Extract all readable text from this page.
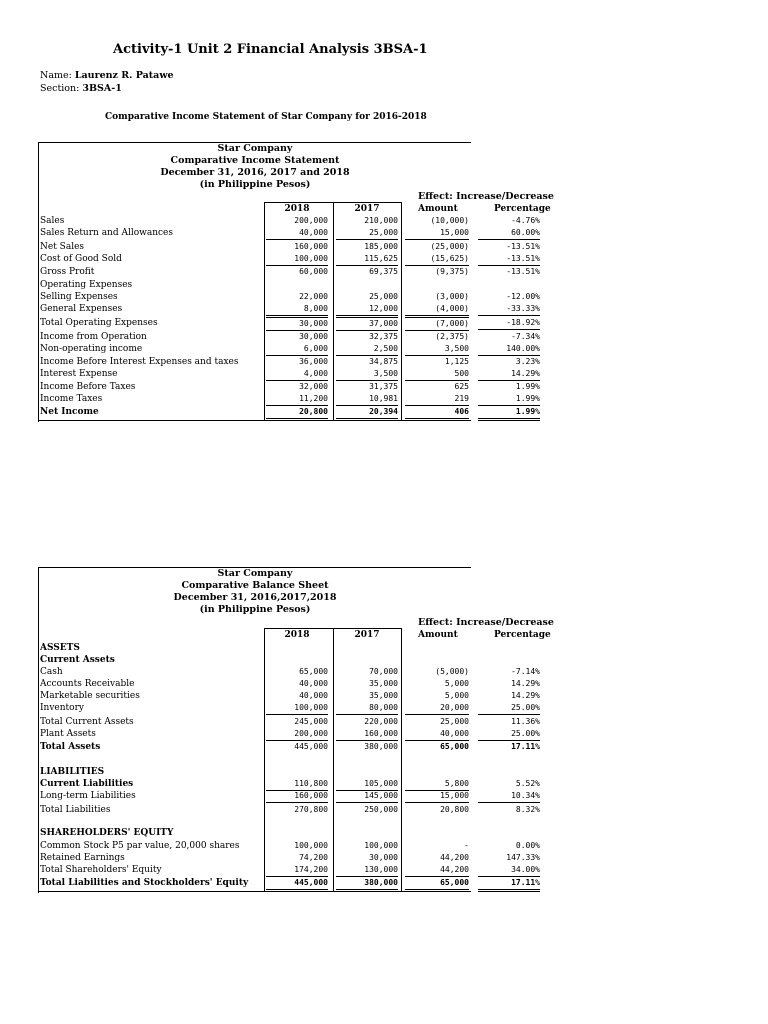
Activity-1 Unit 2 Financial Analysis 3BSA-1
Name: Laurenz R. Patawe
Section: 3BSA-1
Comparative Income Statement of Star Company for 2016-2018
Star Company
Comparative Income Statement
December 31, 2016, 2017 and 2018
(in Philippine Pesos)
Effect: Increase/Decrease
2018	2017	Amount	Percentage
Sales	200,000	210,000	(10,000)	-4.76%
Sales Return and Allowances	40,000	25,000	15,000	60.00%
Net Sales	160,000	185,000	(25,000)	-13.51%
Cost of Good Sold	100,000	115,625	(15,625)	-13.51%
Gross Profit	60,000	69,375	(9,375)	-13.51%
Operating Expenses
Selling Expenses	22,000	25,000	(3,000)	-12.00%
General Expenses	8,000	12,000	(4,000)	-33.33%
Total Operating Expenses	30,000	37,000	(7,000)	-18.92%
Income from Operation	30,000	32,375	(2,375)	-7.34%
Non-operating income	6,000	2,500	3,500	140.00%
Income Before Interest Expenses and taxes	36,000	34,875	1,125	3.23%
Interest Expense	4,000	3,500	500	14.29%
Income Before Taxes	32,000	31,375	625	1.99%
Income Taxes	11,200	10,981	219	1.99%
Net Income	20,800	20,394	406	1.99%
Star Company
Comparative Balance Sheet
December 31, 2016,2017,2018
(in Philippine Pesos)
Effect: Increase/Decrease
2018	2017	Amount	Percentage
ASSETS
Current Assets
Cash	65,000	70,000	(5,000)	-7.14%
Accounts Receivable	40,000	35,000	5,000	14.29%
Marketable securities	40,000	35,000	5,000	14.29%
Inventory	100,000	80,000	20,000	25.00%
Total Current Assets	245,000	220,000	25,000	11.36%
Plant Assets	200,000	160,000	40,000	25.00%
Total Assets	445,000	380,000	65,000	17.11%
LIABILITIES
Current Liabilities	110,800	105,000	5,800	5.52%
Long-term Liabilities	160,000	145,000	15,000	10.34%
Total Liabilities	270,800	250,000	20,800	8.32%
SHAREHOLDERS' EQUITY
Common Stock P5 par value, 20,000 shares	100,000	100,000	-	0.00%
Retained Earnings	74,200	30,000	44,200	147.33%
Total Shareholders' Equity	174,200	130,000	44,200	34.00%
Total Liabilities and Stockholders' Equity	445,000	380,000	65,000	17.11%
